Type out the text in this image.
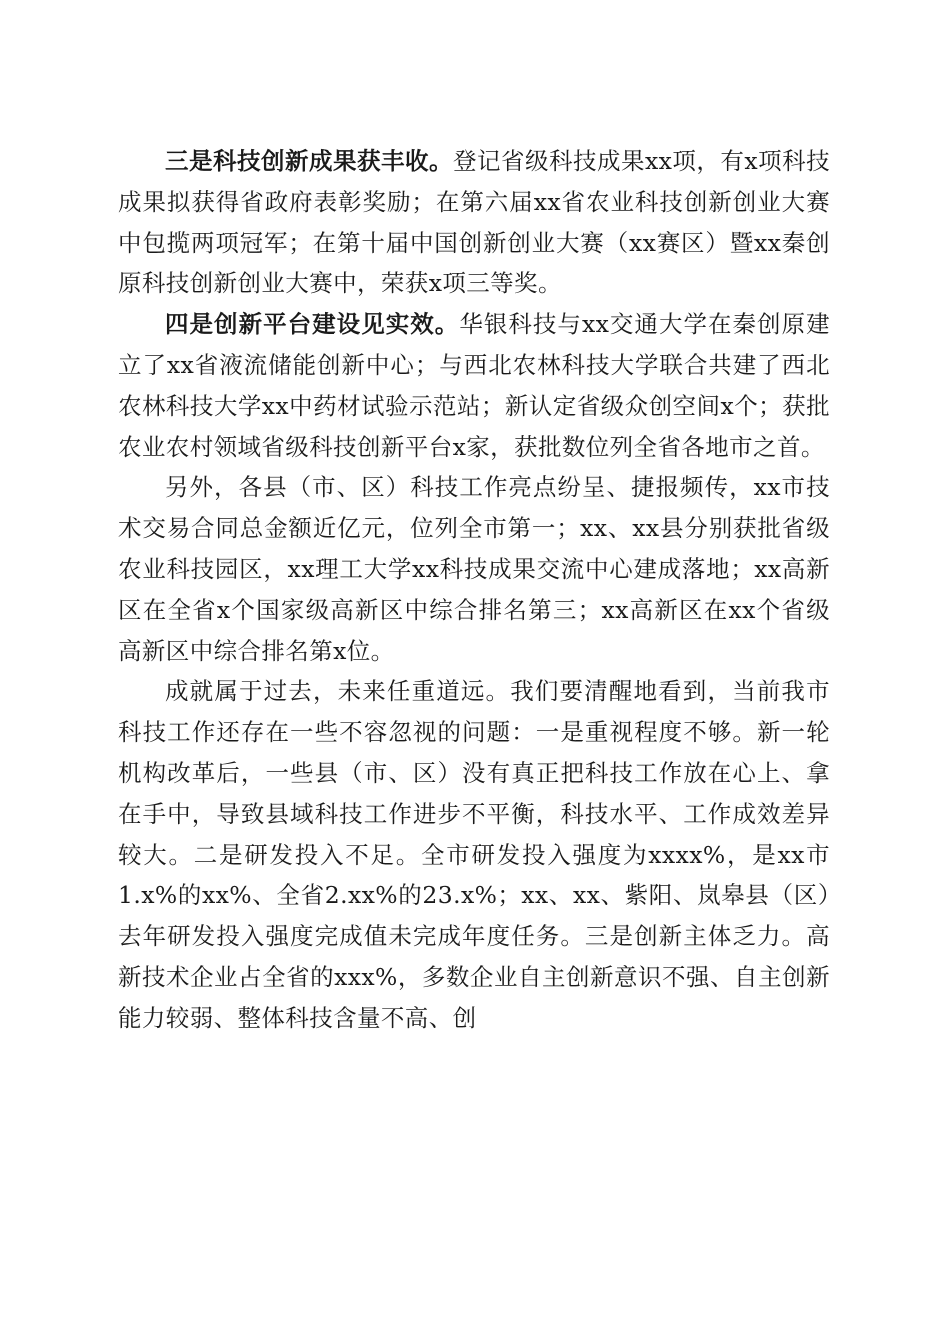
三是科技创新成果获丰收。登记省级科技成果xx项，有x项科技成果拟获得省政府表彰奖励；在第六届xx省农业科技创新创业大赛中包揽两项冠军；在第十届中国创新创业大赛（xx赛区）暨xx秦创原科技创新创业大赛中，荣获x项三等奖。

四是创新平台建设见实效。华银科技与xx交通大学在秦创原建立了xx省液流储能创新中心；与西北农林科技大学联合共建了西北农林科技大学xx中药材试验示范站；新认定省级众创空间x个；获批农业农村领域省级科技创新平台x家，获批数位列全省各地市之首。

另外，各县（市、区）科技工作亮点纷呈、捷报频传，xx市技术交易合同总金额近亿元，位列全市第一；xx、xx县分别获批省级农业科技园区，xx理工大学xx科技成果交流中心建成落地；xx高新区在全省x个国家级高新区中综合排名第三；xx高新区在xx个省级高新区中综合排名第x位。

成就属于过去，未来任重道远。我们要清醒地看到，当前我市科技工作还存在一些不容忽视的问题：一是重视程度不够。新一轮机构改革后，一些县（市、区）没有真正把科技工作放在心上、拿在手中，导致县域科技工作进步不平衡，科技水平、工作成效差异较大。二是研发投入不足。全市研发投入强度为xxxx%，是xx市1.x%的xx%、全省2.xx%的23.x%；xx、xx、紫阳、岚皋县（区）去年研发投入强度完成值未完成年度任务。三是创新主体乏力。高新技术企业占全省的xxx%，多数企业自主创新意识不强、自主创新能力较弱、整体科技含量不高、创
